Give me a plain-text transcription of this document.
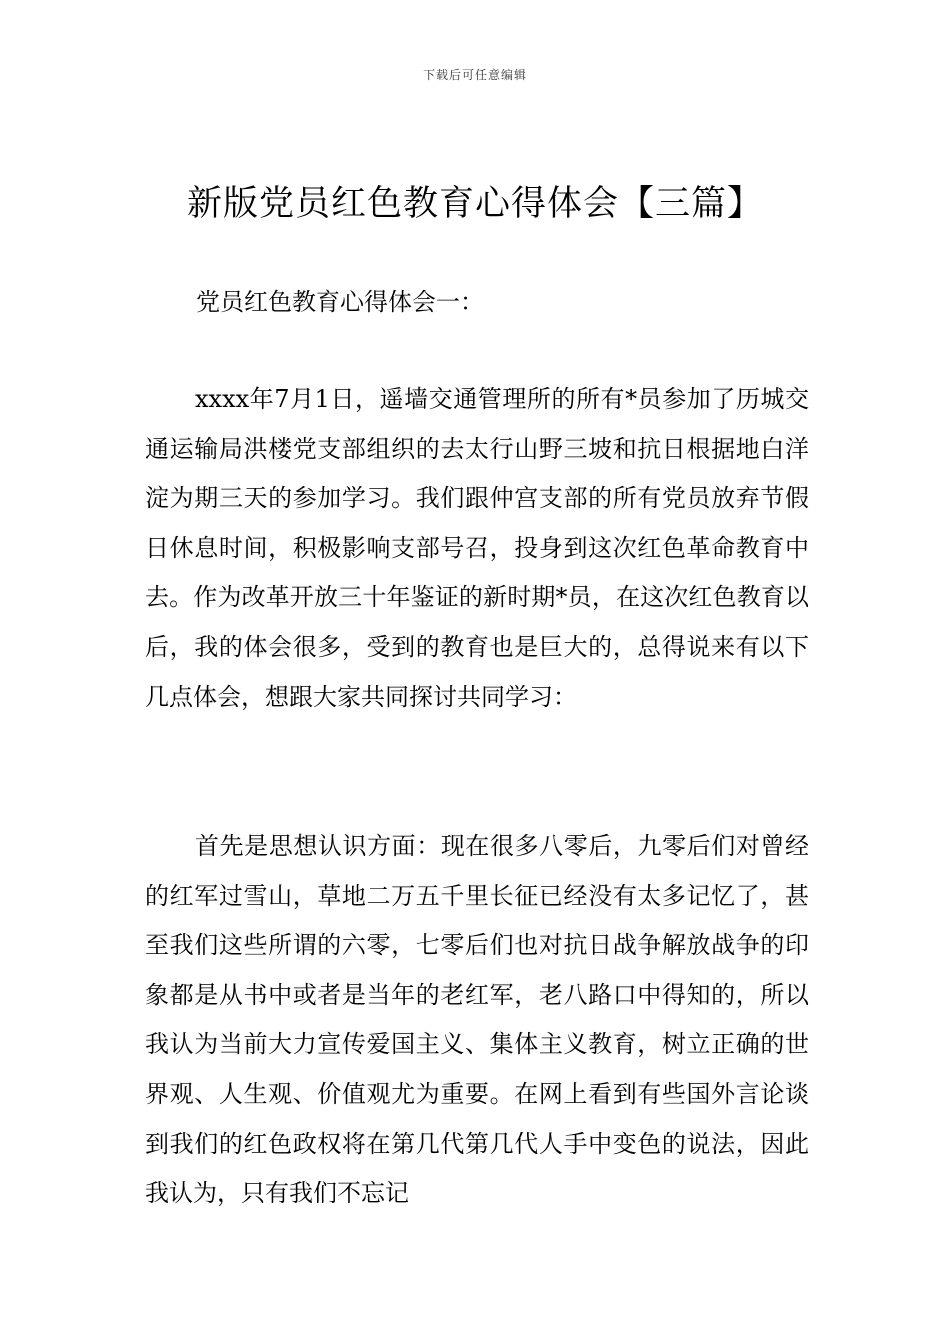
下载后可任意编辑
新版党员红色教育心得体会【三篇】
党员红色教育心得体会一：

xxxx年7月1日，遥墙交通管理所的所有*员参加了历城交通运输局洪楼党支部组织的去太行山野三坡和抗日根据地白洋淀为期三天的参加学习。我们跟仲宫支部的所有党员放弃节假日休息时间，积极影响支部号召，投身到这次红色革命教育中去。作为改革开放三十年鉴证的新时期*员，在这次红色教育以后，我的体会很多，受到的教育也是巨大的，总得说来有以下几点体会，想跟大家共同探讨共同学习：

首先是思想认识方面：现在很多八零后，九零后们对曾经的红军过雪山，草地二万五千里长征已经没有太多记忆了，甚至我们这些所谓的六零，七零后们也对抗日战争解放战争的印象都是从书中或者是当年的老红军，老八路口中得知的，所以我认为当前大力宣传爱国主义、集体主义教育，树立正确的世界观、人生观、价值观尤为重要。在网上看到有些国外言论谈到我们的红色政权将在第几代第几代人手中变色的说法，因此我认为，只有我们不忘记
